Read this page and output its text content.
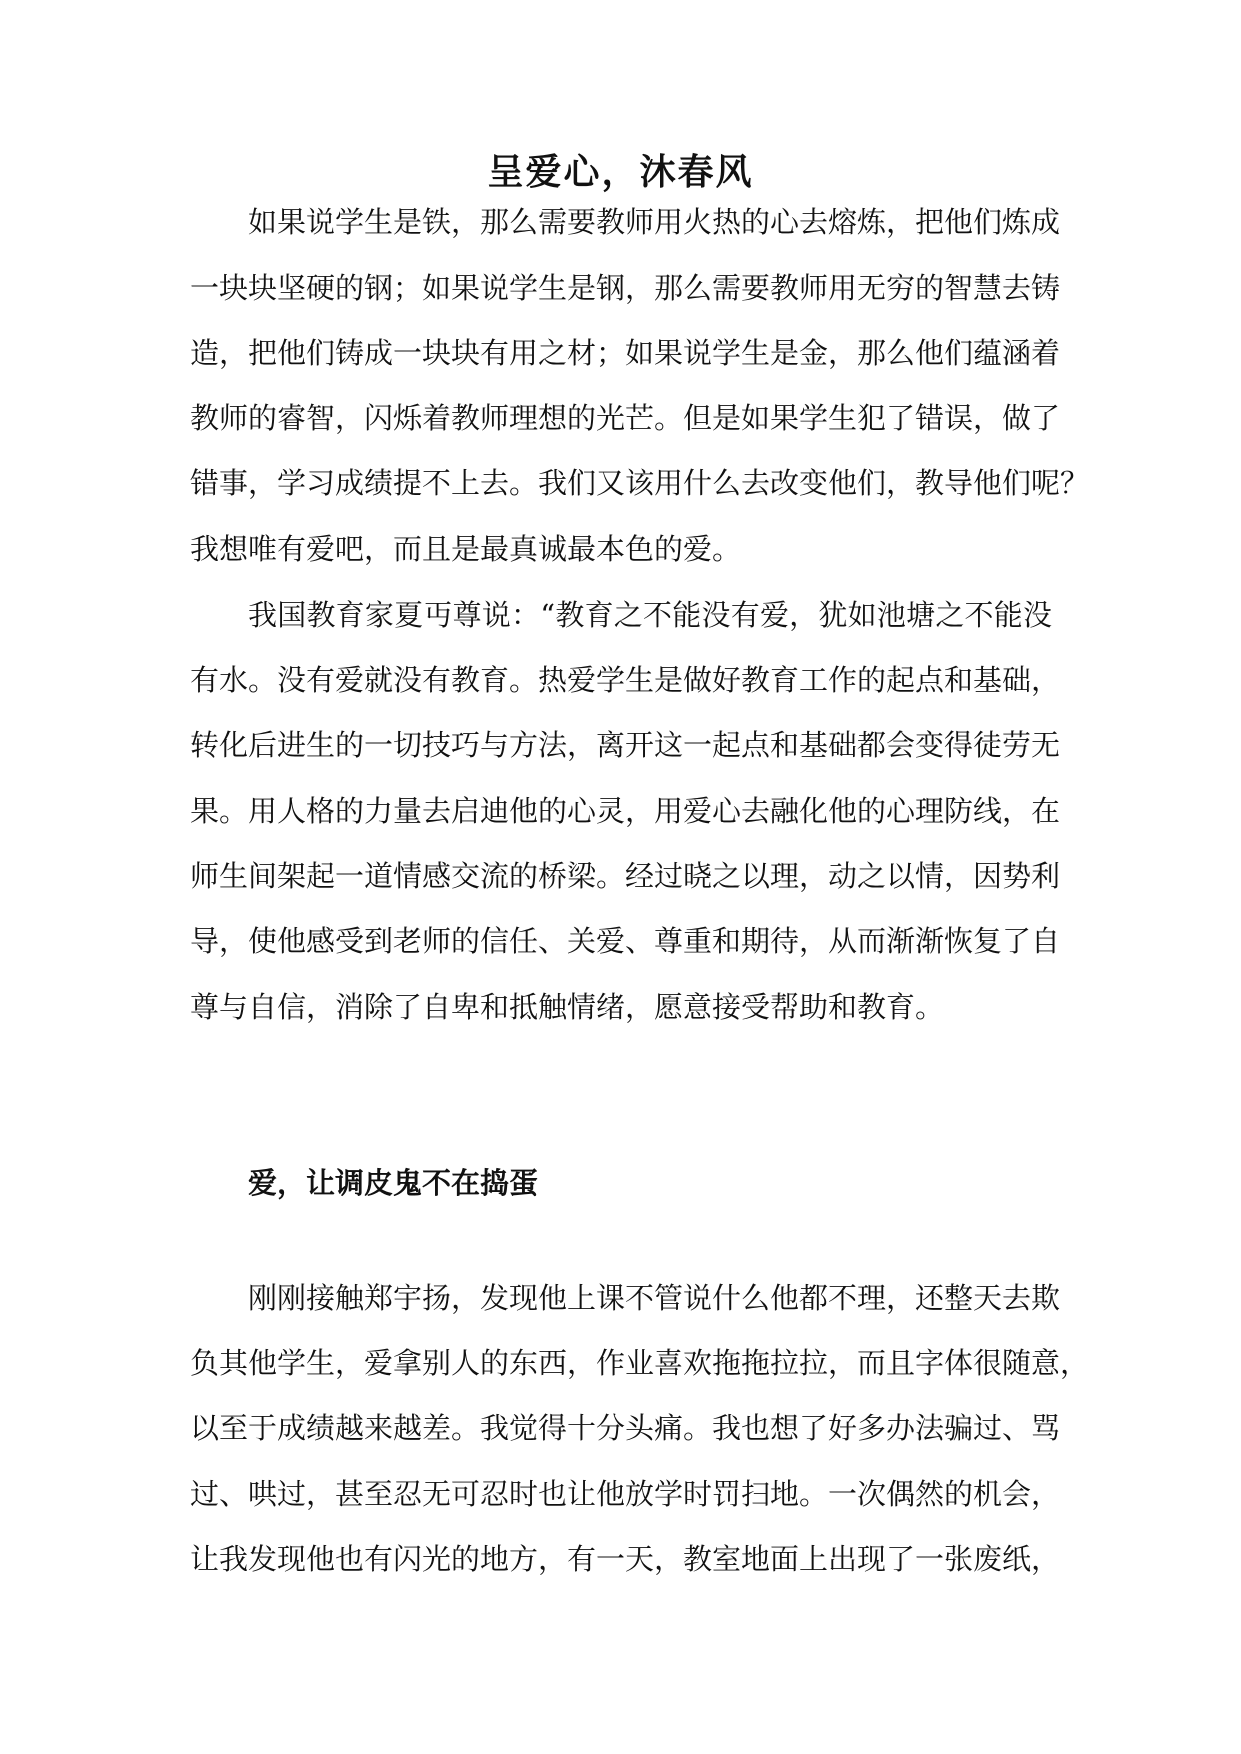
呈爱心，沐春风
如果说学生是铁，那么需要教师用火热的心去熔炼，把他们炼成
一块块坚硬的钢；如果说学生是钢，那么需要教师用无穷的智慧去铸
造，把他们铸成一块块有用之材；如果说学生是金，那么他们蕴涵着
教师的睿智，闪烁着教师理想的光芒。但是如果学生犯了错误，做了
错事，学习成绩提不上去。我们又该用什么去改变他们，教导他们呢？
我想唯有爱吧，而且是最真诚最本色的爱。
我国教育家夏丏尊说：“教育之不能没有爱，犹如池塘之不能没
有水。没有爱就没有教育。热爱学生是做好教育工作的起点和基础，
转化后进生的一切技巧与方法，离开这一起点和基础都会变得徒劳无
果。用人格的力量去启迪他的心灵，用爱心去融化他的心理防线，在
师生间架起一道情感交流的桥梁。经过晓之以理，动之以情，因势利
导，使他感受到老师的信任、关爱、尊重和期待，从而渐渐恢复了自
尊与自信，消除了自卑和抵触情绪，愿意接受帮助和教育。
爱，让调皮鬼不在捣蛋
刚刚接触郑宇扬，发现他上课不管说什么他都不理，还整天去欺
负其他学生，爱拿别人的东西，作业喜欢拖拖拉拉，而且字体很随意，
以至于成绩越来越差。我觉得十分头痛。我也想了好多办法骗过、骂
过、哄过，甚至忍无可忍时也让他放学时罚扫地。一次偶然的机会，
让我发现他也有闪光的地方，有一天，教室地面上出现了一张废纸，
